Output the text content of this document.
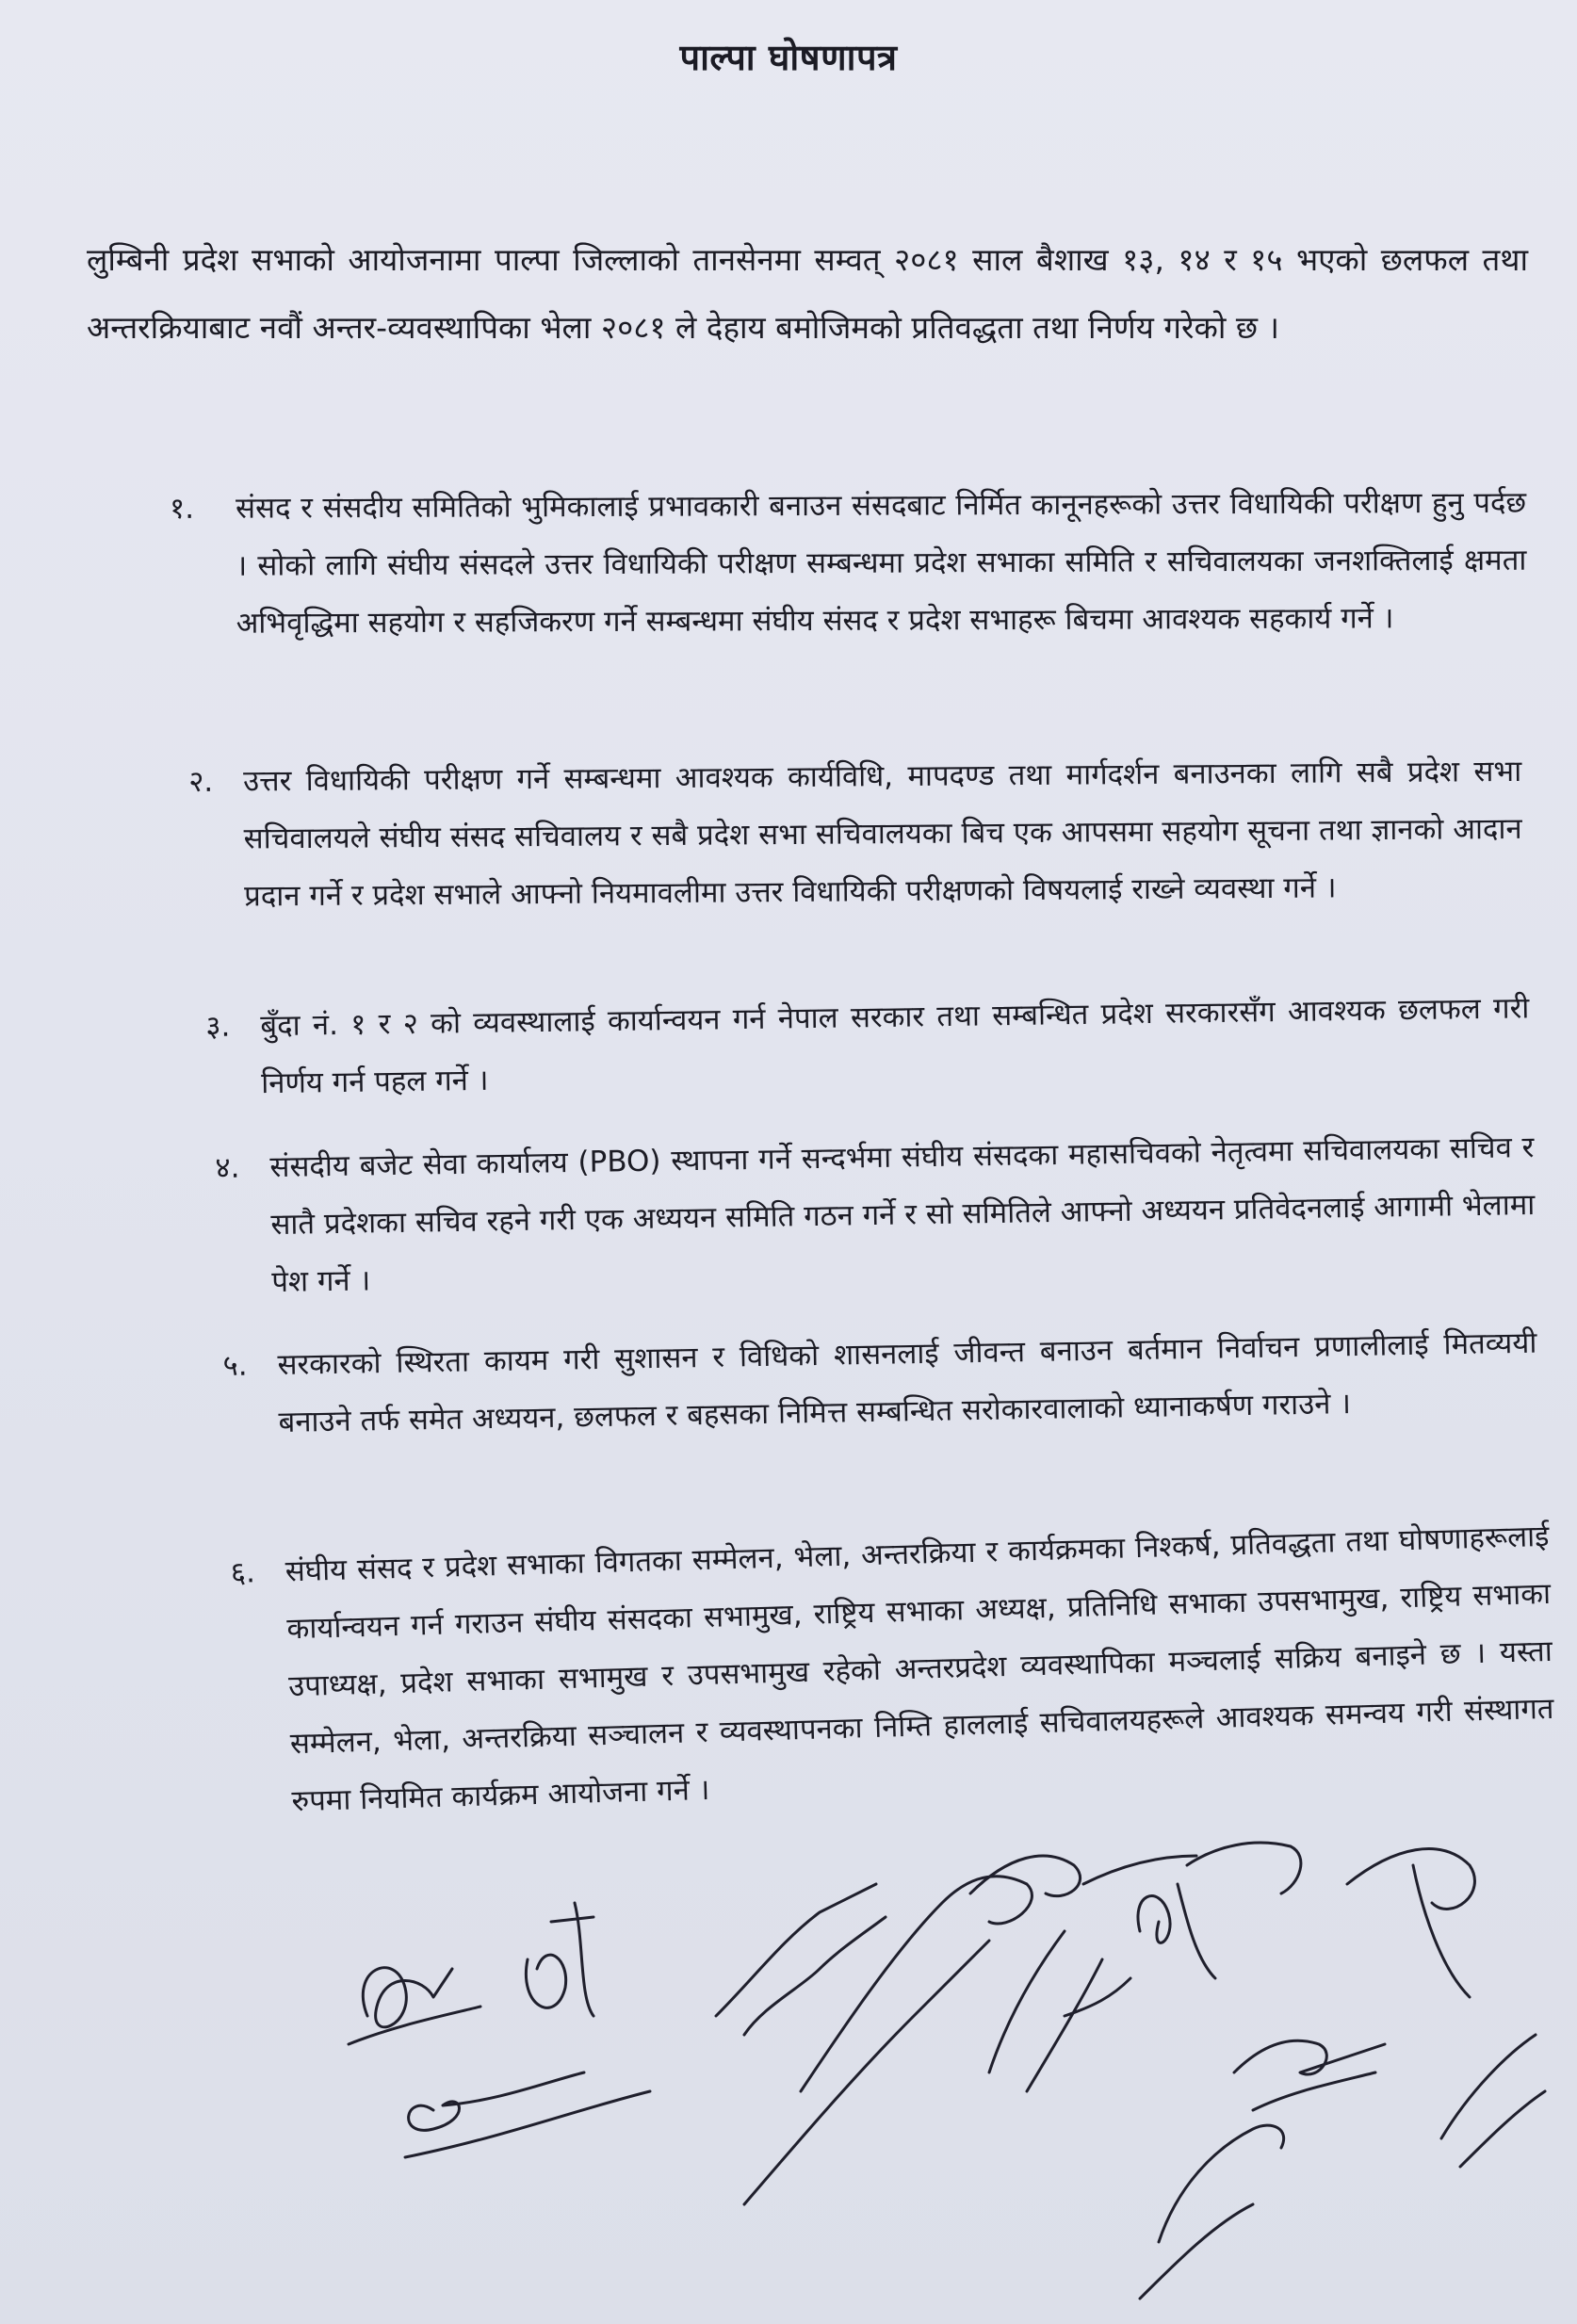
पाल्पा घोषणापत्र
लुम्बिनी प्रदेश सभाको आयोजनामा पाल्पा जिल्लाको तानसेनमा सम्वत् २०८१ साल बैशाख १३, १४ र १५ भएको छलफल तथा अन्तरक्रियाबाट नवौं अन्तर-व्यवस्थापिका भेला २०८१ ले देहाय बमोजिमको प्रतिवद्धता तथा निर्णय गरेको छ ।
१.	संसद र संसदीय समितिको भुमिकालाई प्रभावकारी बनाउन संसदबाट निर्मित कानूनहरूको उत्तर विधायिकी परीक्षण हुनु पर्दछ । सोको लागि संघीय संसदले उत्तर विधायिकी परीक्षण सम्बन्धमा प्रदेश सभाका समिति र सचिवालयका जनशक्तिलाई क्षमता अभिवृद्धिमा सहयोग र सहजिकरण गर्ने सम्बन्धमा संघीय संसद र प्रदेश सभाहरू बिचमा आवश्यक सहकार्य गर्ने ।
२.	उत्तर विधायिकी परीक्षण गर्ने सम्बन्धमा आवश्यक कार्यविधि, मापदण्ड तथा मार्गदर्शन बनाउनका लागि सबै प्रदेश सभा सचिवालयले संघीय संसद सचिवालय र सबै प्रदेश सभा सचिवालयका बिच एक आपसमा सहयोग सूचना तथा ज्ञानको आदान प्रदान गर्ने र प्रदेश सभाले आफ्नो नियमावलीमा उत्तर विधायिकी परीक्षणको विषयलाई राख्ने व्यवस्था गर्ने ।
३.	बुँदा नं. १ र २ को व्यवस्थालाई कार्यान्वयन गर्न नेपाल सरकार तथा सम्बन्धित प्रदेश सरकारसँग आवश्यक छलफल गरी निर्णय गर्न पहल गर्ने ।
४.	संसदीय बजेट सेवा कार्यालय (PBO) स्थापना गर्ने सन्दर्भमा संघीय संसदका महासचिवको नेतृत्वमा सचिवालयका सचिव र सातै प्रदेशका सचिव रहने गरी एक अध्ययन समिति गठन गर्ने र सो समितिले आफ्नो अध्ययन प्रतिवेदनलाई आगामी भेलामा पेश गर्ने ।
५.	सरकारको स्थिरता कायम गरी सुशासन र विधिको शासनलाई जीवन्त बनाउन बर्तमान निर्वाचन प्रणालीलाई मितव्ययी बनाउने तर्फ समेत अध्ययन, छलफल र बहसका निमित्त सम्बन्धित सरोकारवालाको ध्यानाकर्षण गराउने ।
६. संघीय संसद र प्रदेश सभाका विगतका सम्मेलन, भेला, अन्तरक्रिया र कार्यक्रमका निश्कर्ष, प्रतिवद्धता तथा घोषणाहरूलाई कार्यान्वयन गर्न गराउन संघीय संसदका सभामुख, राष्ट्रिय सभाका अध्यक्ष, प्रतिनिधि सभाका उपसभामुख, राष्ट्रिय सभाका उपाध्यक्ष, प्रदेश सभाका सभामुख र उपसभामुख रहेको अन्तरप्रदेश व्यवस्थापिका मञ्चलाई सक्रिय बनाइने छ । यस्ता सम्मेलन, भेला, अन्तरक्रिया सञ्चालन र व्यवस्थापनका निम्ति हाललाई सचिवालयहरूले आवश्यक समन्वय गरी संस्थागत रुपमा नियमित कार्यक्रम आयोजना गर्ने ।
